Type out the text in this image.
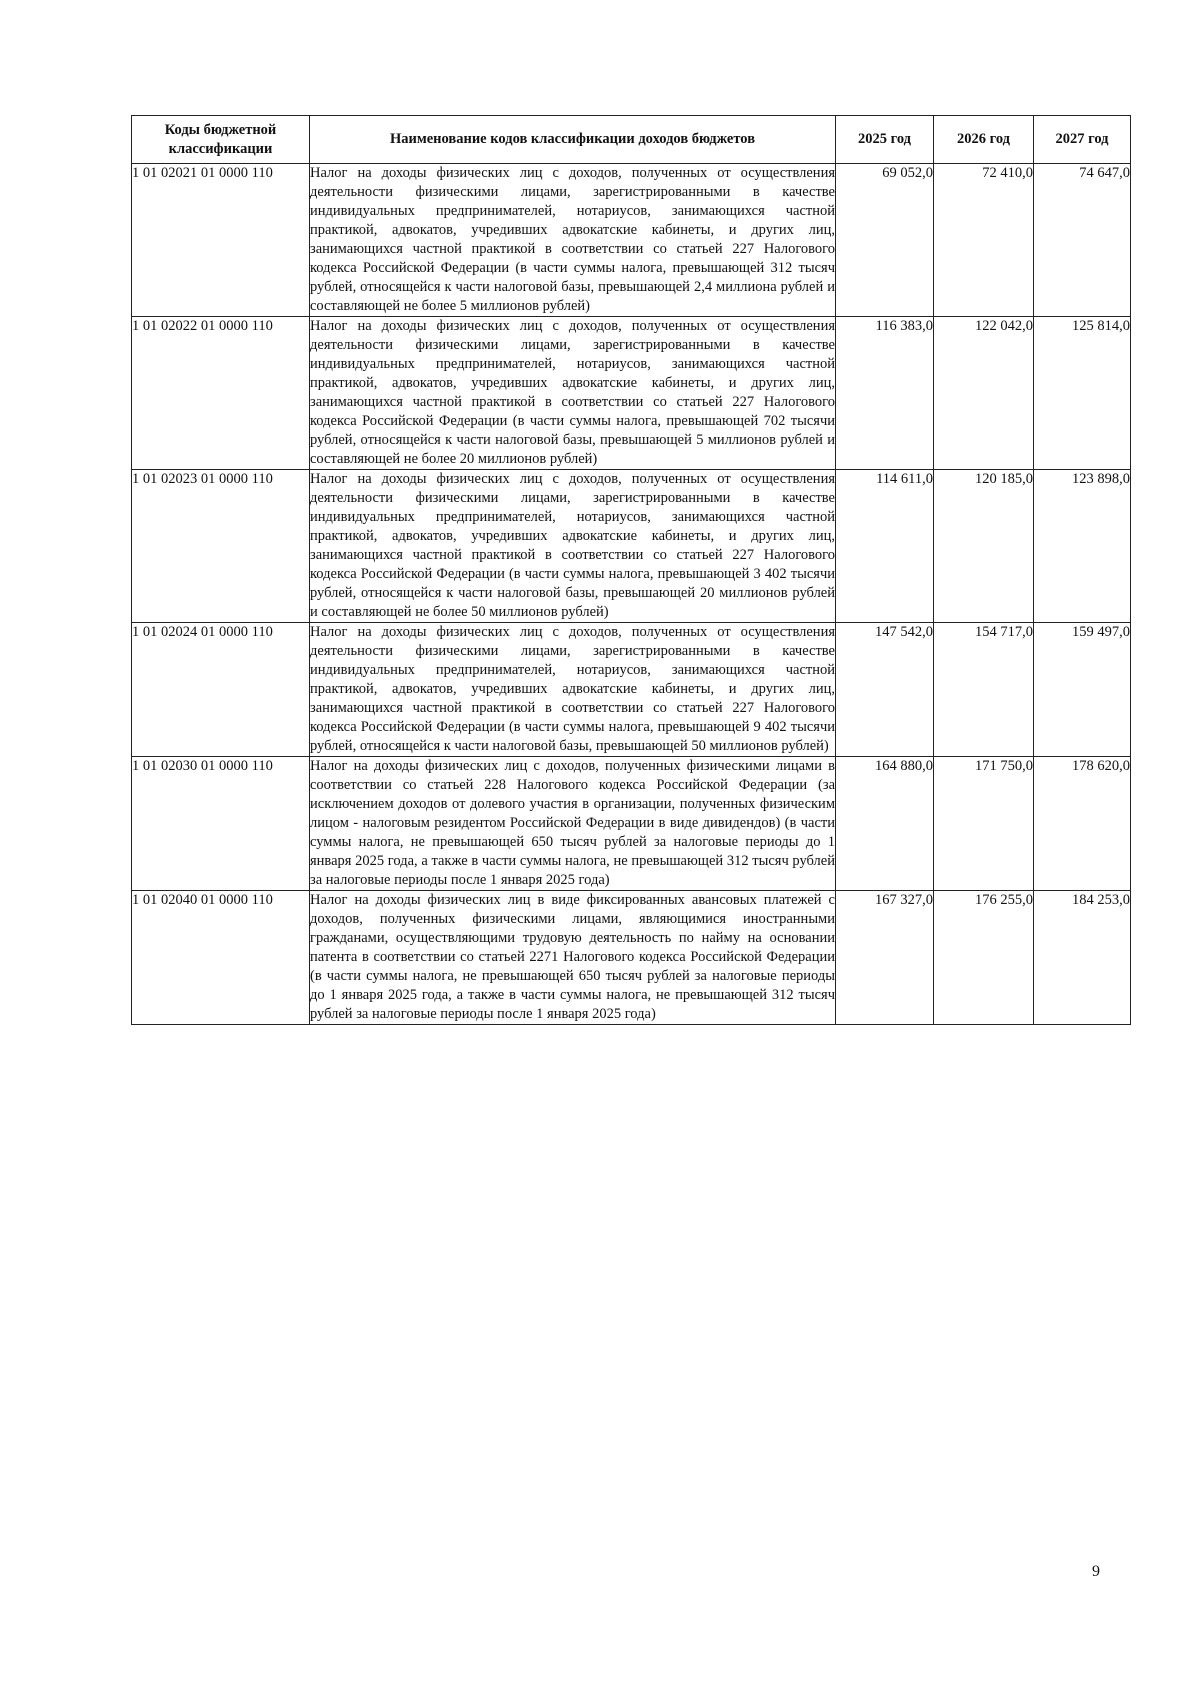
Коды бюджетной классификации	Наименование кодов классификации доходов бюджетов	2025 год	2026 год	2027 год
1 01 02021 01 0000 110	Налог на доходы физических лиц с доходов, полученных от осуществления деятельности физическими лицами, зарегистрированными в качестве индивидуальных предпринимателей, нотариусов, занимающихся частной практикой, адвокатов, учредивших адвокатские кабинеты, и других лиц, занимающихся частной практикой в соответствии со статьей 227 Налогового кодекса Российской Федерации (в части суммы налога, превышающей 312 тысяч рублей, относящейся к части налоговой базы, превышающей 2,4 миллиона рублей и составляющей не более 5 миллионов рублей)	69 052,0	72 410,0	74 647,0
1 01 02022 01 0000 110	Налог на доходы физических лиц с доходов, полученных от осуществления деятельности физическими лицами, зарегистрированными в качестве индивидуальных предпринимателей, нотариусов, занимающихся частной практикой, адвокатов, учредивших адвокатские кабинеты, и других лиц, занимающихся частной практикой в соответствии со статьей 227 Налогового кодекса Российской Федерации (в части суммы налога, превышающей 702 тысячи рублей, относящейся к части налоговой базы, превышающей 5 миллионов рублей и составляющей не более 20 миллионов рублей)	116 383,0	122 042,0	125 814,0
1 01 02023 01 0000 110	Налог на доходы физических лиц с доходов, полученных от осуществления деятельности физическими лицами, зарегистрированными в качестве индивидуальных предпринимателей, нотариусов, занимающихся частной практикой, адвокатов, учредивших адвокатские кабинеты, и других лиц, занимающихся частной практикой в соответствии со статьей 227 Налогового кодекса Российской Федерации (в части суммы налога, превышающей 3 402 тысячи рублей, относящейся к части налоговой базы, превышающей 20 миллионов рублей и составляющей не более 50 миллионов рублей)	114 611,0	120 185,0	123 898,0
1 01 02024 01 0000 110	Налог на доходы физических лиц с доходов, полученных от осуществления деятельности физическими лицами, зарегистрированными в качестве индивидуальных предпринимателей, нотариусов, занимающихся частной практикой, адвокатов, учредивших адвокатские кабинеты, и других лиц, занимающихся частной практикой в соответствии со статьей 227 Налогового кодекса Российской Федерации (в части суммы налога, превышающей 9 402 тысячи рублей, относящейся к части налоговой базы, превышающей 50 миллионов рублей)	147 542,0	154 717,0	159 497,0
1 01 02030 01 0000 110	Налог на доходы физических лиц с доходов, полученных физическими лицами в соответствии со статьей 228 Налогового кодекса Российской Федерации (за исключением доходов от долевого участия в организации, полученных физическим лицом - налоговым резидентом Российской Федерации в виде дивидендов) (в части суммы налога, не превышающей 650 тысяч рублей за налоговые периоды до 1 января 2025 года, а также в части суммы налога, не превышающей 312 тысяч рублей за налоговые периоды после 1 января 2025 года)	164 880,0	171 750,0	178 620,0
1 01 02040 01 0000 110	Налог на доходы физических лиц в виде фиксированных авансовых платежей с доходов, полученных физическими лицами, являющимися иностранными гражданами, осуществляющими трудовую деятельность по найму на основании патента в соответствии со статьей 2271 Налогового кодекса Российской Федерации (в части суммы налога, не превышающей 650 тысяч рублей за налоговые периоды до 1 января 2025 года, а также в части суммы налога, не превышающей 312 тысяч рублей за налоговые периоды после 1 января 2025 года)	167 327,0	176 255,0	184 253,0
9
